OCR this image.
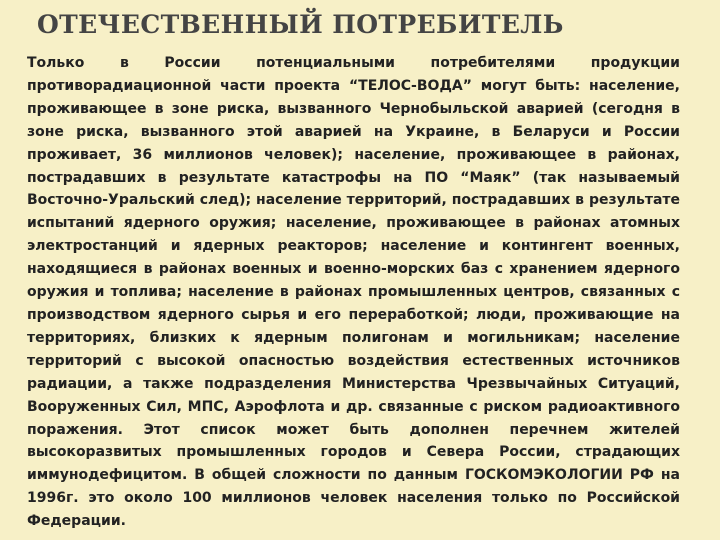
ОТЕЧЕСТВЕННЫЙ ПОТРЕБИТЕЛЬ

Только в России потенциальными потребителями продукции противорадиационной части проекта “ТЕЛОС-ВОДА” могут быть: население, проживающее в зоне риска, вызванного Чернобыльской аварией (сегодня в зоне риска, вызванного этой аварией на Украине, в Беларуси и России проживает, 36 миллионов человек); население, проживающее в районах, пострадавших в результате катастрофы на ПО “Маяк” (так называемый Восточно-Уральский след); население территорий, пострадавших в результате испытаний ядерного оружия; население, проживающее в районах атомных электростанций и ядерных реакторов; население и контингент военных, находящиеся в районах военных и военно-морских баз с хранением ядерного оружия и топлива; население в районах промышленных центров, связанных с производством ядерного сырья и его переработкой; люди, проживающие на территориях, близких к ядерным полигонам и могильникам; население территорий с высокой опасностью воздействия естественных источников радиации, а также подразделения Министерства Чрезвычайных Ситуаций, Вооруженных Сил, МПС, Аэрофлота и др. связанные с риском радиоактивного поражения. Этот список может быть дополнен перечнем жителей высокоразвитых промышленных городов и Севера России, страдающих иммунодефицитом. В общей сложности по данным ГОСКОМЭКОЛОГИИ РФ на 1996г. это около 100 миллионов человек населения только по Российской Федерации.
